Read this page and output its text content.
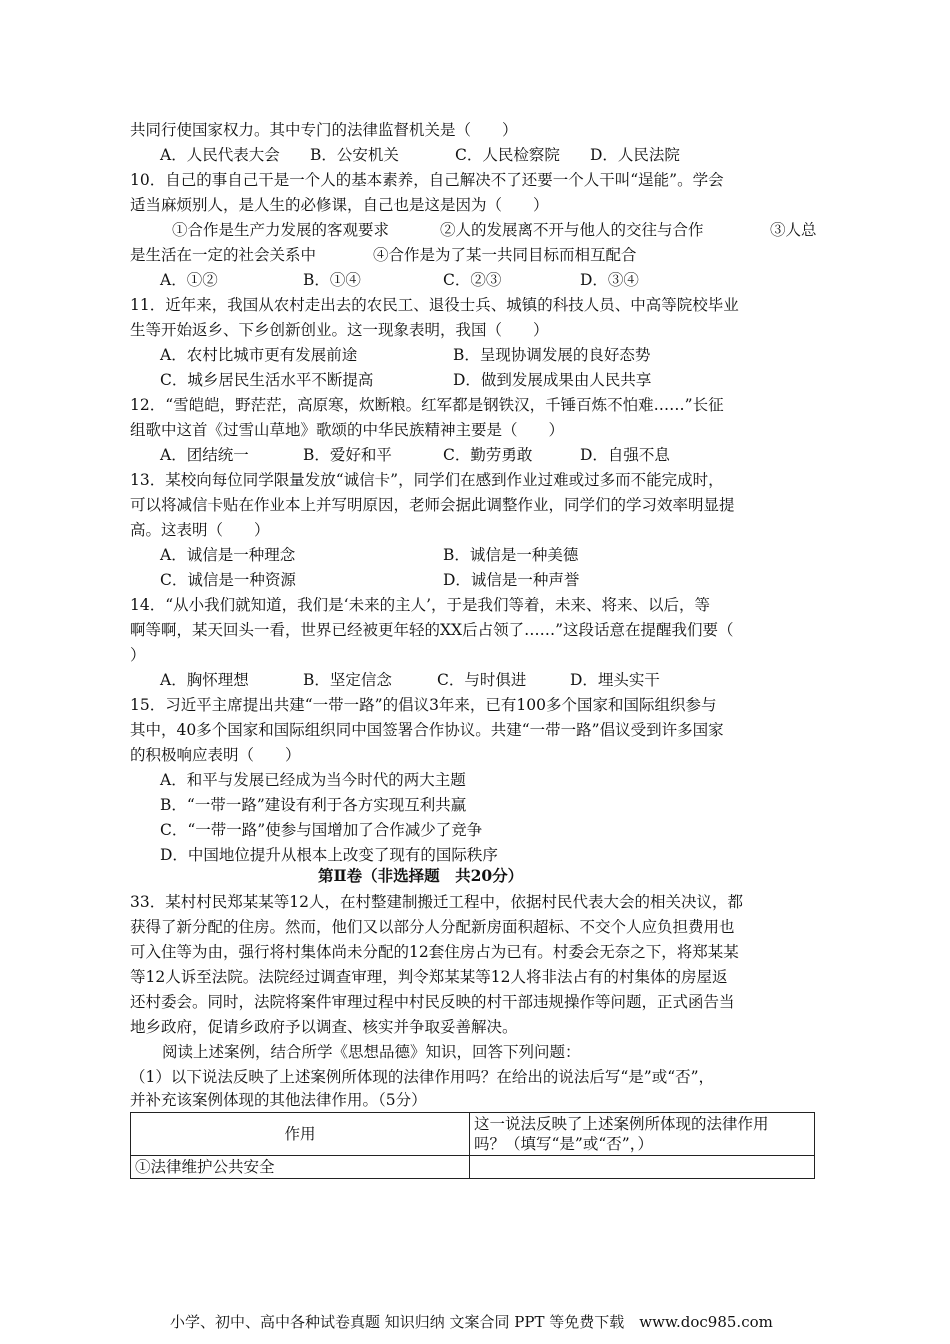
共同行使国家权力。其中专门的法律监督机关是（　　）
A．人民代表大会 B．公安机关	C．人民检察院 D．人民法院
10．自己的事自己干是一个人的基本素养，自己解决不了还要一个人干叫“逞能”。学会
适当麻烦别人，是人生的必修课，自己也是这是因为（　　）
①合作是生产力发展的客观要求	②人的发展离不开与他人的交往与合作	③人总
是生活在一定的社会关系中	④合作是为了某一共同目标而相互配合
A．①②	B．①④	C．②③	D．③④
11．近年来，我国从农村走出去的农民工、退役士兵、城镇的科技人员、中高等院校毕业
生等开始返乡、下乡创新创业。这一现象表明，我国（　　）
A．农村比城市更有发展前途	B．呈现协调发展的良好态势
C．城乡居民生活水平不断提高	D．做到发展成果由人民共享
12．“雪皑皑，野茫茫，高原寒，炊断粮。红军都是钢铁汉，千锤百炼不怕难……”长征
组歌中这首《过雪山草地》歌颂的中华民族精神主要是（　　）
A．团结统一	B．爱好和平	C．勤劳勇敢	D．自强不息
13．某校向每位同学限量发放“诚信卡”，同学们在感到作业过难或过多而不能完成时，
可以将减信卡贴在作业本上并写明原因，老师会据此调整作业，同学们的学习效率明显提
高。这表明（　　）
A．诚信是一种理念	B．诚信是一种美德
C．诚信是一种资源	D．诚信是一种声誉
14．“从小我们就知道，我们是‘未来的主人’，于是我们等着，未来、将来、以后，等
啊等啊，某天回头一看，世界已经被更年轻的XX后占领了……”这段话意在提醒我们要（
）
A．胸怀理想	B．坚定信念	C．与时俱进	D．埋头实干
15．习近平主席提出共建“一带一路”的倡议3年来，已有100多个国家和国际组织参与
其中，40多个国家和国际组织同中国签署合作协议。共建“一带一路”倡议受到许多国家
的积极响应表明（　　）
A．和平与发展已经成为当今时代的两大主题
B．“一带一路”建设有利于各方实现互利共赢
C．“一带一路”使参与国增加了合作减少了竞争
D．中国地位提升从根本上改变了现有的国际秩序
第Ⅱ卷（非选择题　共20分）
33．某村村民郑某某等12人，在村整建制搬迁工程中，依据村民代表大会的相关决议，都
获得了新分配的住房。然而，他们又以部分人分配新房面积超标、不交个人应负担费用也
可入住等为由，强行将村集体尚未分配的12套住房占为已有。村委会无奈之下，将郑某某
等12人诉至法院。法院经过调查审理，判令郑某某等12人将非法占有的村集体的房屋返
还村委会。同时，法院将案件审理过程中村民反映的村干部违规操作等问题，正式函告当
地乡政府，促请乡政府予以调查、核实并争取妥善解决。
阅读上述案例，结合所学《思想品德》知识，回答下列问题：
（1）以下说法反映了上述案例所体现的法律作用吗？在给出的说法后写“是”或“否”，
并补充该案例体现的其他法律作用。（5分）
作用	这一说法反映了上述案例所体现的法律作用
吗？（填写“是”或“否”，）

①法律维护公共安全	
小学、初中、高中各种试卷真题 知识归纳 文案合同 PPT 等免费下载　www.doc985.com
